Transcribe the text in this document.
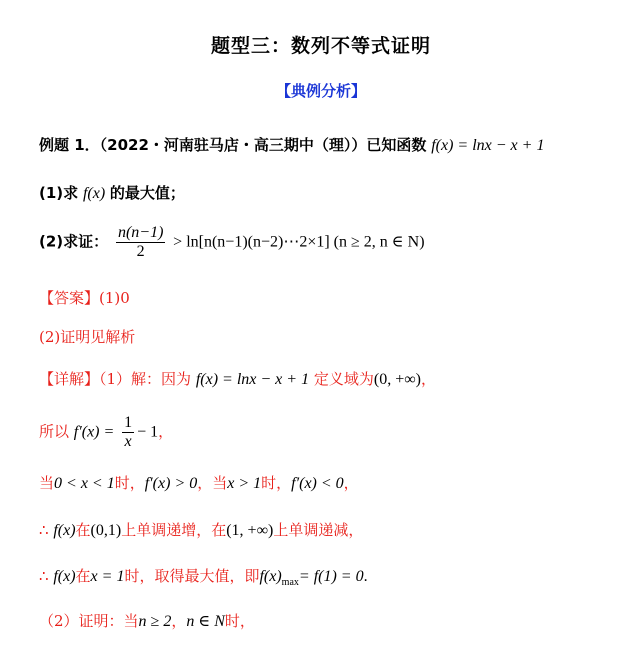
题型三：数列不等式证明
【典例分析】
例题 1．（2022・河南驻马店・高三期中（理））已知函数 f(x) = lnx − x + 1
(1)求 f(x) 的最大值；
(2)求证： $\frac{n(n-1)}{2}$ > ln[n(n−1)(n−2)⋯2×1] (n ≥ 2, n ∈ N)
【答案】(1)0
(2)证明见解析
【详解】（1）解：因为 f(x) = lnx − x + 1 定义域为(0, +∞)，
所以 $f'(x) = \frac{1}{x} - 1$，
当0 < x < 1时，f′(x) > 0，当x > 1时，f′(x) < 0，
∴ f(x)在(0,1)上单调递增，在(1, +∞)上单调递减，
∴ f(x)在x = 1时，取得最大值，即$f(x)_{max}= f(1) = 0$.
（2）证明：当n ≥ 2，n ∈ N时，
